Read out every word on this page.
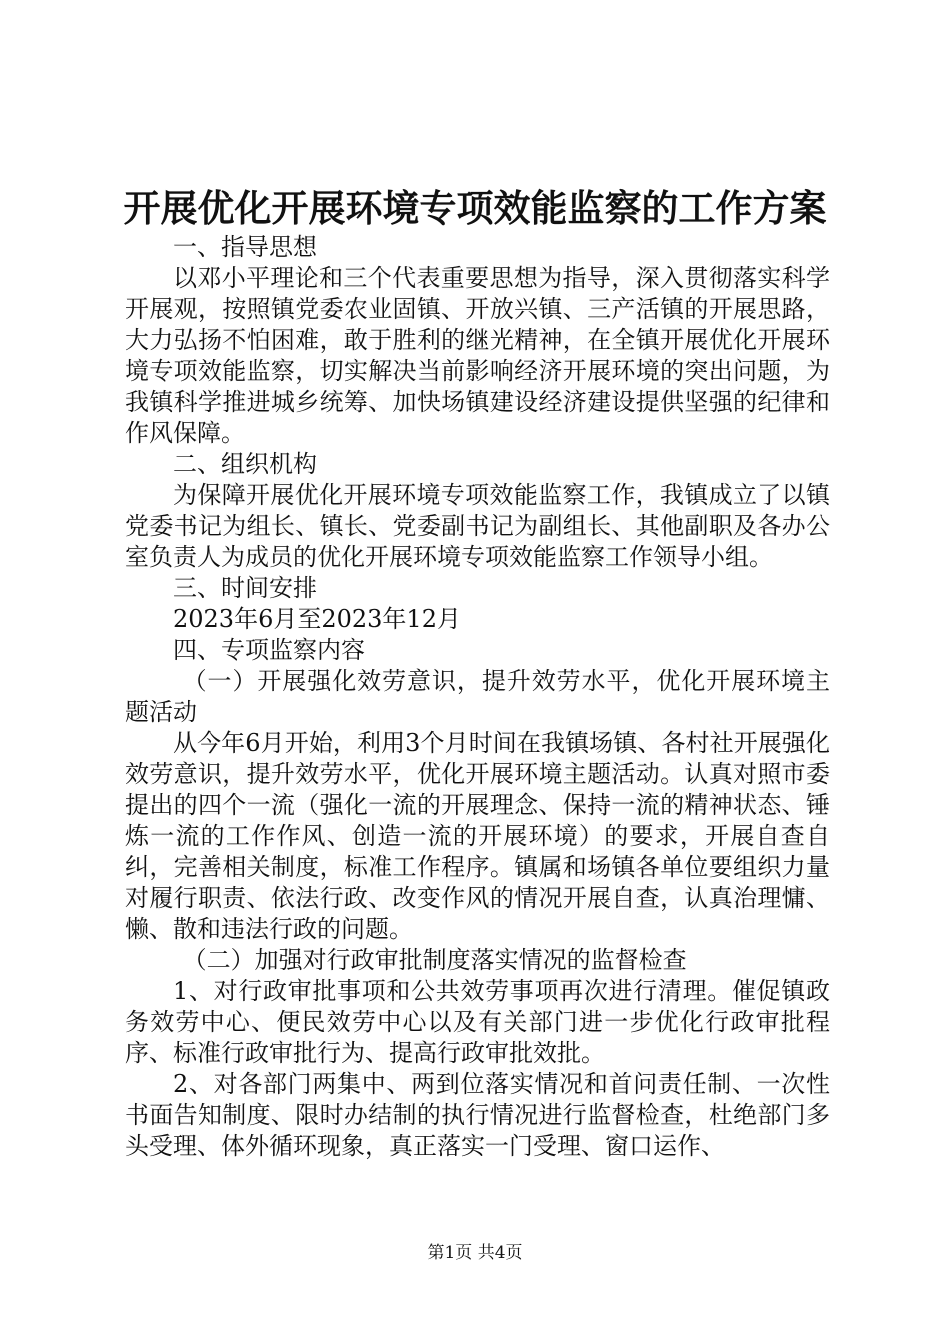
开展优化开展环境专项效能监察的工作方案

一、指导思想

以邓小平理论和三个代表重要思想为指导，深入贯彻落实科学开展观，按照镇党委农业固镇、开放兴镇、三产活镇的开展思路，大力弘扬不怕困难，敢于胜利的继光精神，在全镇开展优化开展环境专项效能监察，切实解决当前影响经济开展环境的突出问题，为我镇科学推进城乡统筹、加快场镇建设经济建设提供坚强的纪律和作风保障。

二、组织机构

为保障开展优化开展环境专项效能监察工作，我镇成立了以镇党委书记为组长、镇长、党委副书记为副组长、其他副职及各办公室负责人为成员的优化开展环境专项效能监察工作领导小组。

三、时间安排

2023年6月至2023年12月

四、专项监察内容

（一）开展强化效劳意识，提升效劳水平，优化开展环境主题活动

从今年6月开始，利用3个月时间在我镇场镇、各村社开展强化效劳意识，提升效劳水平，优化开展环境主题活动。认真对照市委提出的四个一流（强化一流的开展理念、保持一流的精神状态、锤炼一流的工作作风、创造一流的开展环境）的要求，开展自查自纠，完善相关制度，标准工作程序。镇属和场镇各单位要组织力量对履行职责、依法行政、改变作风的情况开展自查，认真治理慵、懒、散和违法行政的问题。

（二）加强对行政审批制度落实情况的监督检查

1、对行政审批事项和公共效劳事项再次进行清理。催促镇政务效劳中心、便民效劳中心以及有关部门进一步优化行政审批程序、标准行政审批行为、提高行政审批效批。

2、对各部门两集中、两到位落实情况和首问责任制、一次性书面告知制度、限时办结制的执行情况进行监督检查，杜绝部门多头受理、体外循环现象，真正落实一门受理、窗口运作、

第1页 共4页
